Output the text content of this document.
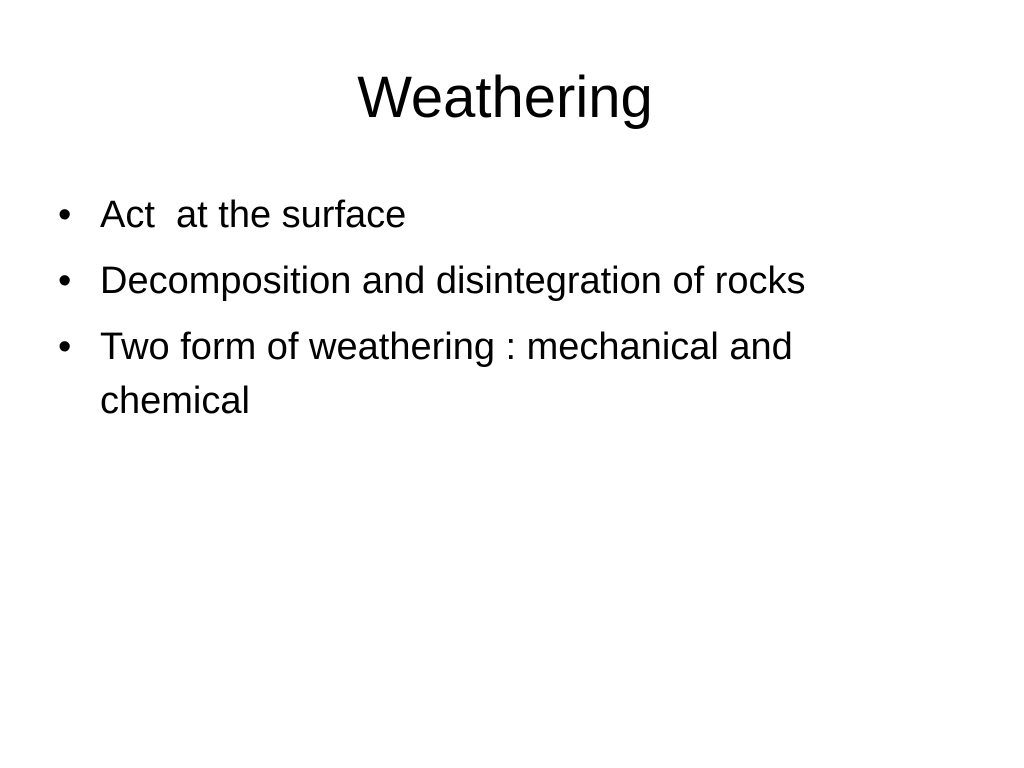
Weathering
• Act  at the surface
• Decomposition and disintegration of rocks
• Two form of weathering : mechanical and
chemical
